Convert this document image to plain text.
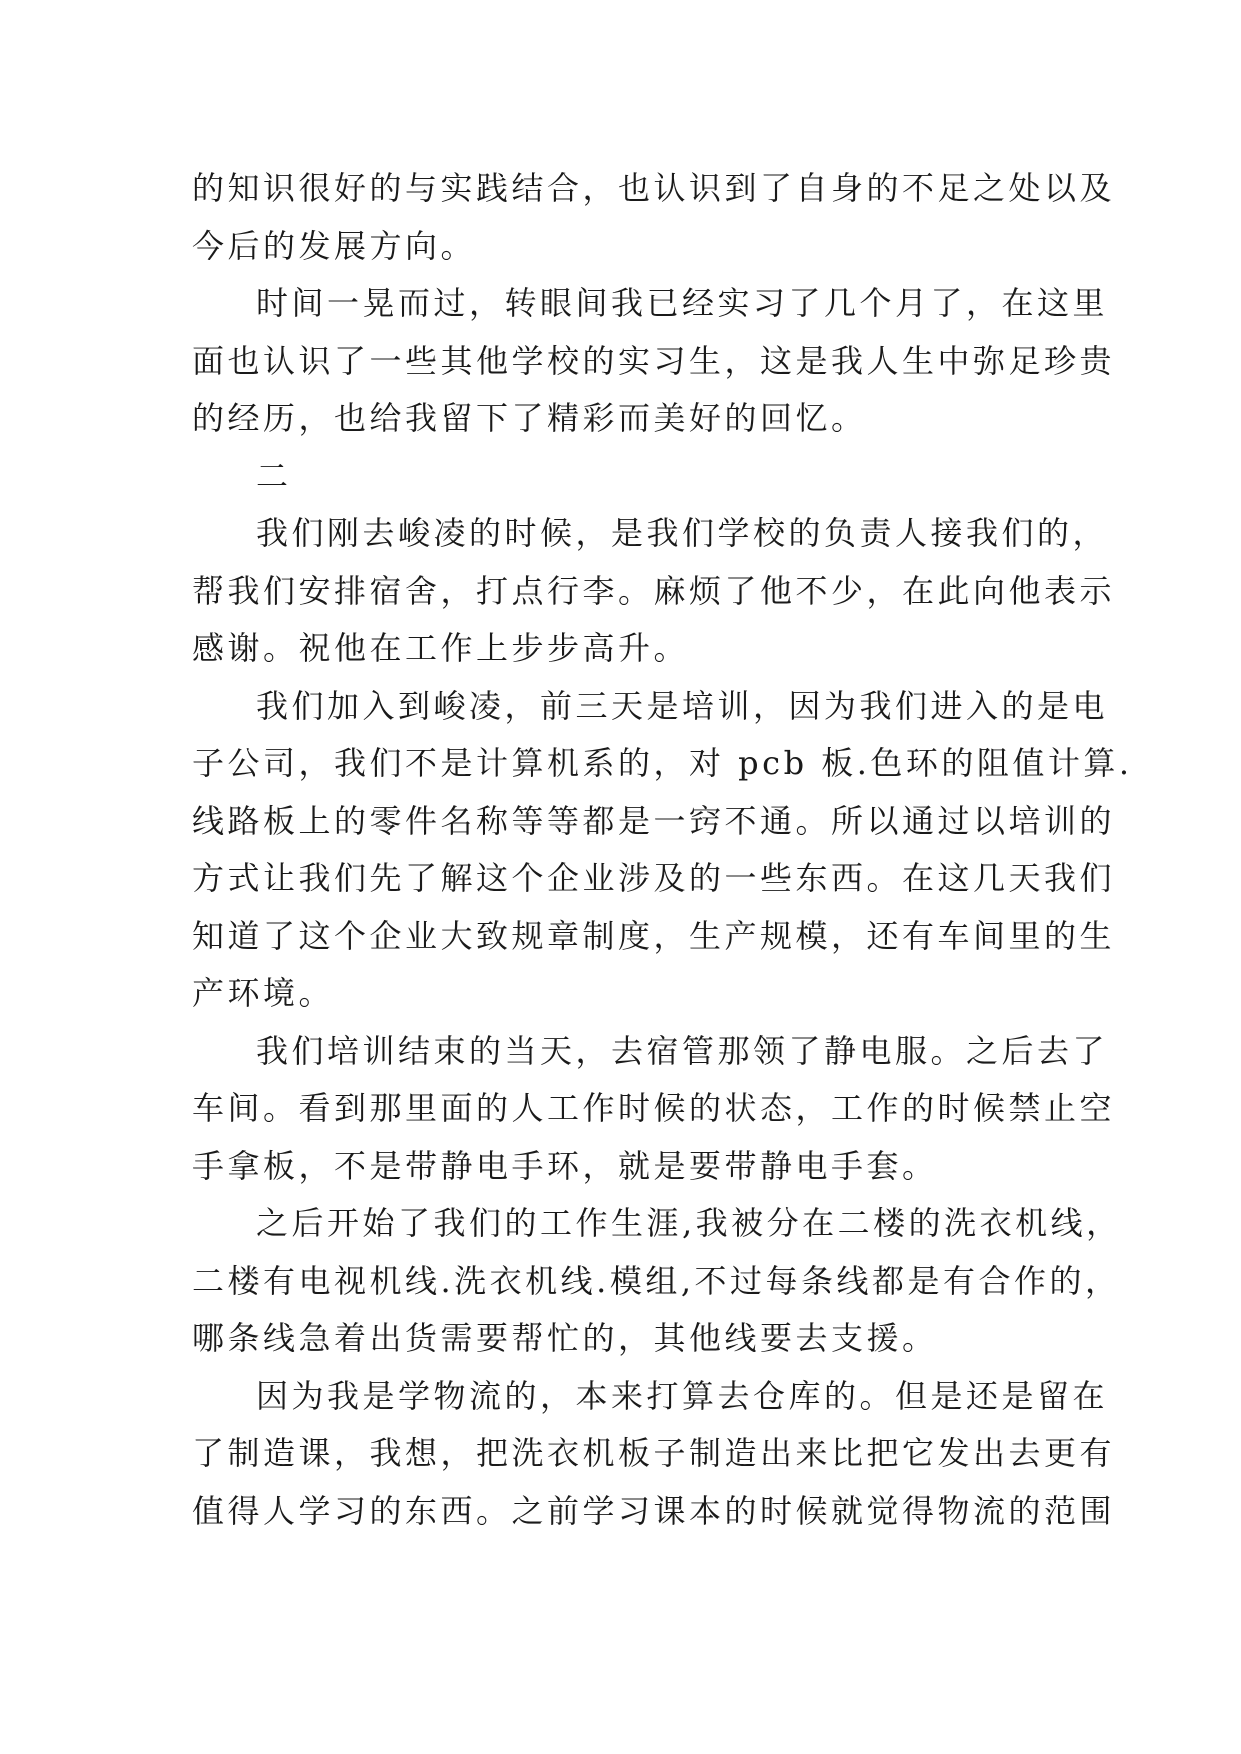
的知识很好的与实践结合，也认识到了自身的不足之处以及
今后的发展方向。
时间一晃而过，转眼间我已经实习了几个月了，在这里
面也认识了一些其他学校的实习生，这是我人生中弥足珍贵
的经历，也给我留下了精彩而美好的回忆。
二
我们刚去峻凌的时候，是我们学校的负责人接我们的，
帮我们安排宿舍，打点行李。麻烦了他不少，在此向他表示
感谢。祝他在工作上步步高升。
我们加入到峻凌，前三天是培训，因为我们进入的是电
子公司，我们不是计算机系的，对 pcb 板.色环的阻值计算.
线路板上的零件名称等等都是一窍不通。所以通过以培训的
方式让我们先了解这个企业涉及的一些东西。在这几天我们
知道了这个企业大致规章制度，生产规模，还有车间里的生
产环境。
我们培训结束的当天，去宿管那领了静电服。之后去了
车间。看到那里面的人工作时候的状态，工作的时候禁止空
手拿板，不是带静电手环，就是要带静电手套。
之后开始了我们的工作生涯,我被分在二楼的洗衣机线，
二楼有电视机线.洗衣机线.模组,不过每条线都是有合作的，
哪条线急着出货需要帮忙的，其他线要去支援。
因为我是学物流的，本来打算去仓库的。但是还是留在
了制造课，我想，把洗衣机板子制造出来比把它发出去更有
值得人学习的东西。之前学习课本的时候就觉得物流的范围
